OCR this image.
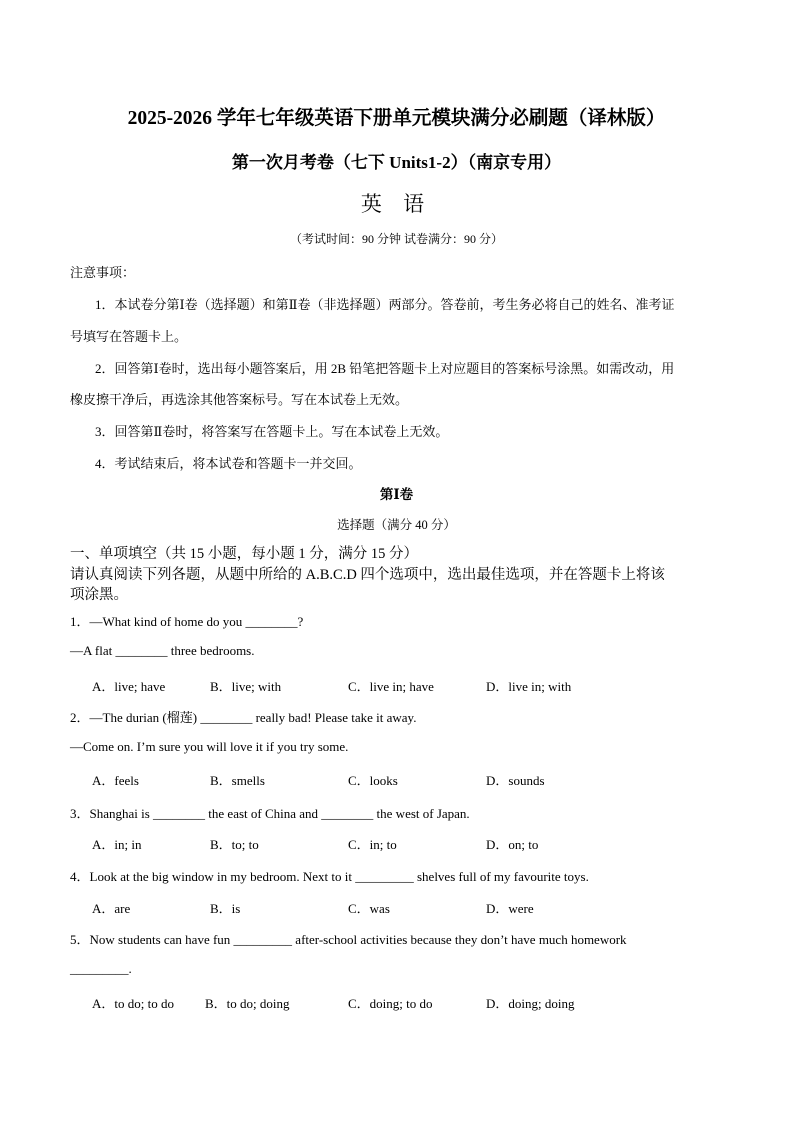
2025-2026 学年七年级英语下册单元模块满分必刷题（译林版）
第一次月考卷（七下 Units1-2）（南京专用）
英 语
（考试时间：90 分钟 试卷满分：90 分）
注意事项：
1．本试卷分第Ⅰ卷（选择题）和第Ⅱ卷（非选择题）两部分。答卷前，考生务必将自己的姓名、准考证
号填写在答题卡上。
2．回答第Ⅰ卷时，选出每小题答案后，用 2B 铅笔把答题卡上对应题目的答案标号涂黑。如需改动，用
橡皮擦干净后，再选涂其他答案标号。写在本试卷上无效。
3．回答第Ⅱ卷时，将答案写在答题卡上。写在本试卷上无效。
4．考试结束后，将本试卷和答题卡一并交回。
第Ⅰ卷
选择题（满分 40 分）
一、单项填空（共 15 小题，每小题 1 分，满分 15 分）
请认真阅读下列各题，从题中所给的 A.B.C.D 四个选项中，选出最佳选项，并在答题卡上将该
项涂黑。
1．—What kind of home do you ________?
—A flat ________ three bedrooms.
A．live; have	B．live; with	C．live in; have	D．live in; with
2．—The durian (榴莲) ________ really bad! Please take it away.
—Come on. I’m sure you will love it if you try some.
A．feels	B．smells	C．looks	D．sounds
3．Shanghai is ________ the east of China and ________ the west of Japan.
A．in; in	B．to; to	C．in; to	D．on; to
4．Look at the big window in my bedroom. Next to it _________ shelves full of my favourite toys.
A．are	B．is	C．was	D．were
5．Now students can have fun _________ after-school activities because they don’t have much homework
_________.
A．to do; to do B．to do; doing	C．doing; to do	D．doing; doing
